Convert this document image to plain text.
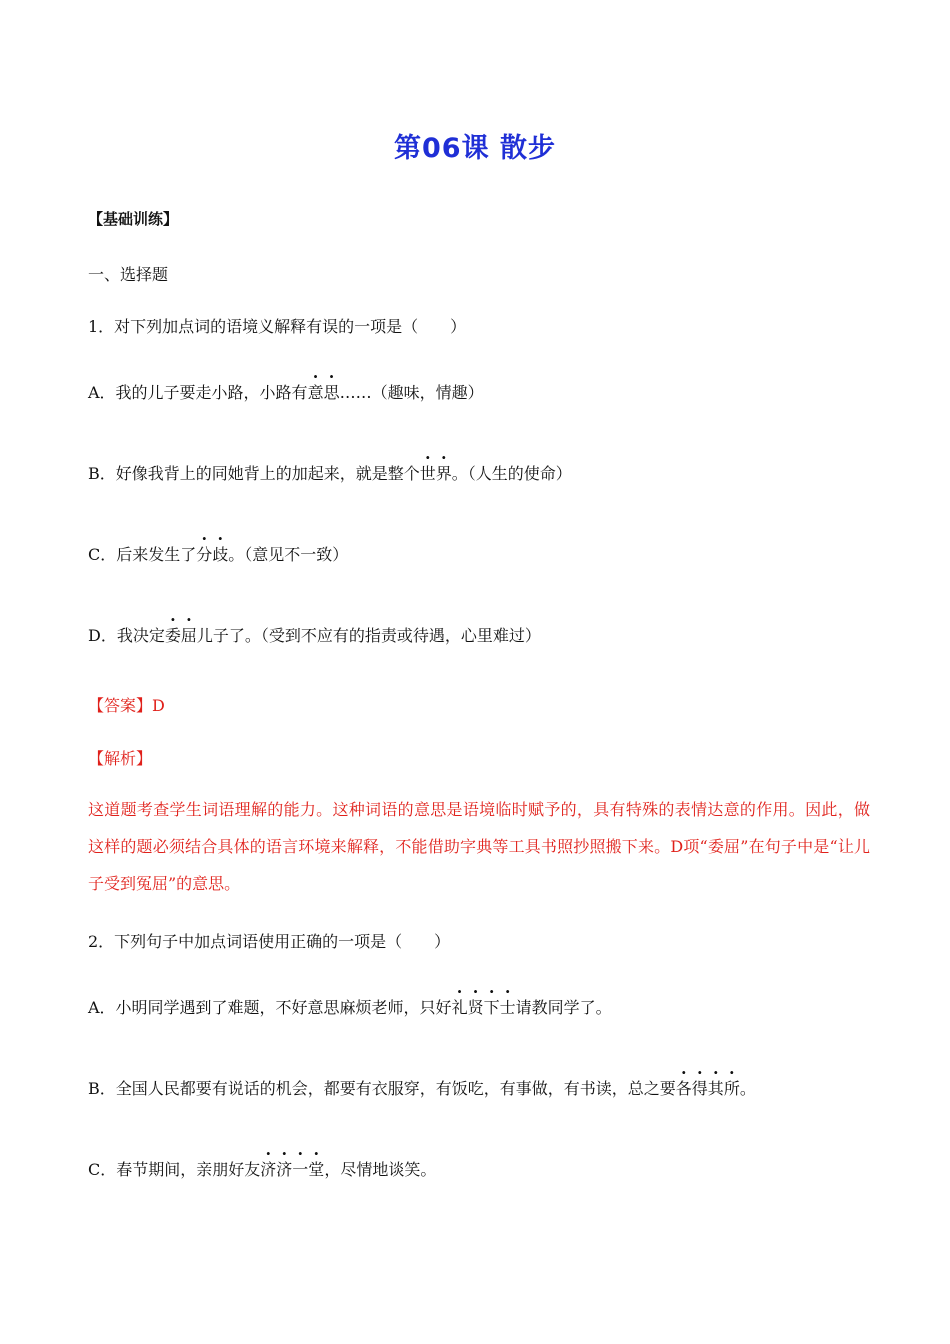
第06课 散步
【基础训练】
一、选择题
1．对下列加点词的语境义解释有误的一项是（　　）
A．我的儿子要走小路，小路有意思……（趣味，情趣）
B．好像我背上的同她背上的加起来，就是整个世界。（人生的使命）
C．后来发生了分歧。（意见不一致）
D．我决定委屈儿子了。（受到不应有的指责或待遇，心里难过）
【答案】D
【解析】
这道题考查学生词语理解的能力。这种词语的意思是语境临时赋予的，具有特殊的表情达意的作用。因此，做这样的题必须结合具体的语言环境来解释，不能借助字典等工具书照抄照搬下来。D项“委屈”在句子中是“让儿子受到冤屈”的意思。
2．下列句子中加点词语使用正确的一项是（　　）
A．小明同学遇到了难题，不好意思麻烦老师，只好礼贤下士请教同学了。
B．全国人民都要有说话的机会，都要有衣服穿，有饭吃，有事做，有书读，总之要各得其所。
C．春节期间，亲朋好友济济一堂，尽情地谈笑。
